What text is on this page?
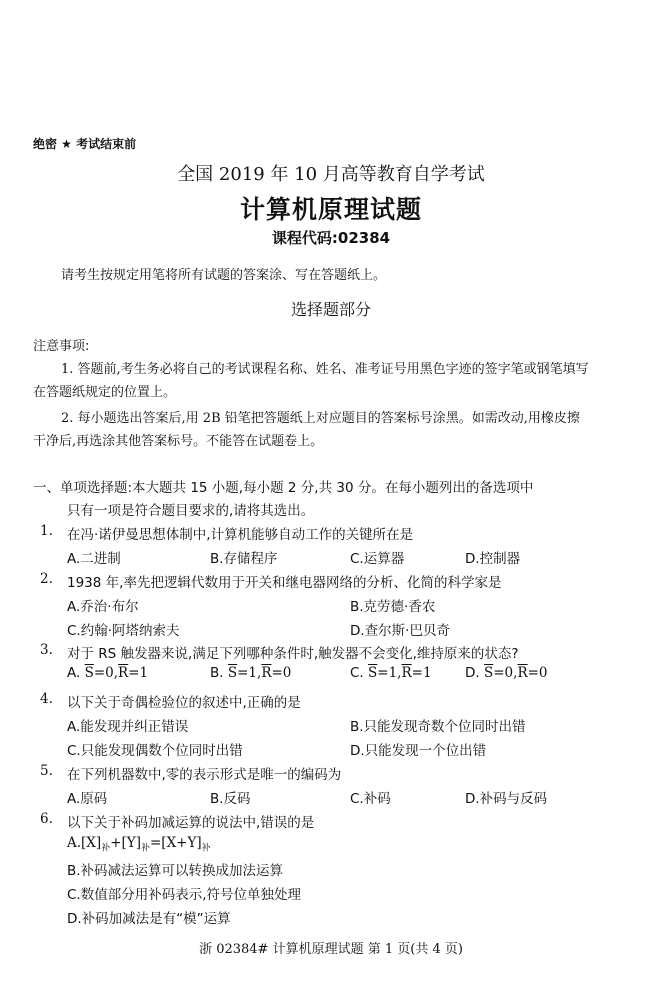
绝密 ★ 考试结束前
全国 2019 年 10 月高等教育自学考试
计算机原理试题
课程代码:02384
请考生按规定用笔将所有试题的答案涂、写在答题纸上。
选择题部分
注意事项:
1. 答题前,考生务必将自己的考试课程名称、姓名、准考证号用黑色字迹的签字笔或钢笔填写
在答题纸规定的位置上。
2. 每小题选出答案后,用 2B 铅笔把答题纸上对应题目的答案标号涂黑。如需改动,用橡皮擦
干净后,再选涂其他答案标号。不能答在试题卷上。
一、单项选择题:本大题共 15 小题,每小题 2 分,共 30 分。在每小题列出的备选项中
只有一项是符合题目要求的,请将其选出。
1. 在冯·诺伊曼思想体制中,计算机能够自动工作的关键所在是
A.二进制	B.存储程序	C.运算器	D.控制器
2. 1938 年,率先把逻辑代数用于开关和继电器网络的分析、化简的科学家是
A.乔治·布尔	B.克劳德·香农
C.约翰·阿塔纳索夫	D.查尔斯·巴贝奇
3. 对于 RS 触发器来说,满足下列哪种条件时,触发器不会变化,维持原来的状态?
A. $\overline{S}=0,\overline{R}=1$	B. $\overline{S}=1,\overline{R}=0$	C. $\overline{S}=1,\overline{R}=1$ D. $\overline{S}=0,\overline{R}=0$
4. 以下关于奇偶检验位的叙述中,正确的是
A.能发现并纠正错误	B.只能发现奇数个位同时出错
C.只能发现偶数个位同时出错	D.只能发现一个位出错
5. 在下列机器数中,零的表示形式是唯一的编码为
A.原码	B.反码	C.补码	D.补码与反码
6. 以下关于补码加减运算的说法中,错误的是
$A.[X]_补+[Y]_补=[X+Y]_补$
B.补码减法运算可以转换成加法运算
C.数值部分用补码表示,符号位单独处理
D.补码加减法是有“模”运算
浙 02384# 计算机原理试题 第 1 页(共 4 页)
